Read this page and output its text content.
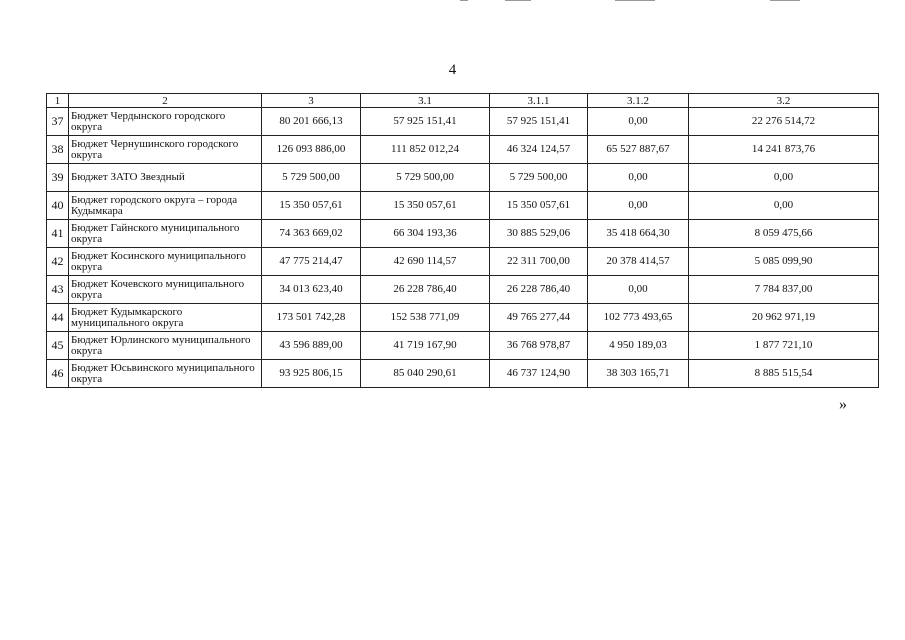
4
1	2	3	3.1	3.1.1	3.1.2	3.2
37	Бюджет Чердынского городского округа	80 201 666,13	57 925 151,41	57 925 151,41	0,00	22 276 514,72
38	Бюджет Чернушинского городского округа	126 093 886,00	111 852 012,24	46 324 124,57	65 527 887,67	14 241 873,76
39	Бюджет ЗАТО Звездный	5 729 500,00	5 729 500,00	5 729 500,00	0,00	0,00
40	Бюджет городского округа – города Кудымкара	15 350 057,61	15 350 057,61	15 350 057,61	0,00	0,00
41	Бюджет Гайнского муниципального округа	74 363 669,02	66 304 193,36	30 885 529,06	35 418 664,30	8 059 475,66
42	Бюджет Косинского муниципального округа	47 775 214,47	42 690 114,57	22 311 700,00	20 378 414,57	5 085 099,90
43	Бюджет Кочевского муниципального округа	34 013 623,40	26 228 786,40	26 228 786,40	0,00	7 784 837,00
44	Бюджет Кудымкарского муниципального округа	173 501 742,28	152 538 771,09	49 765 277,44	102 773 493,65	20 962 971,19
45	Бюджет Юрлинского муниципального округа	43 596 889,00	41 719 167,90	36 768 978,87	4 950 189,03	1 877 721,10
46	Бюджет Юсьвинского муниципального округа	93 925 806,15	85 040 290,61	46 737 124,90	38 303 165,71	8 885 515,54
»
